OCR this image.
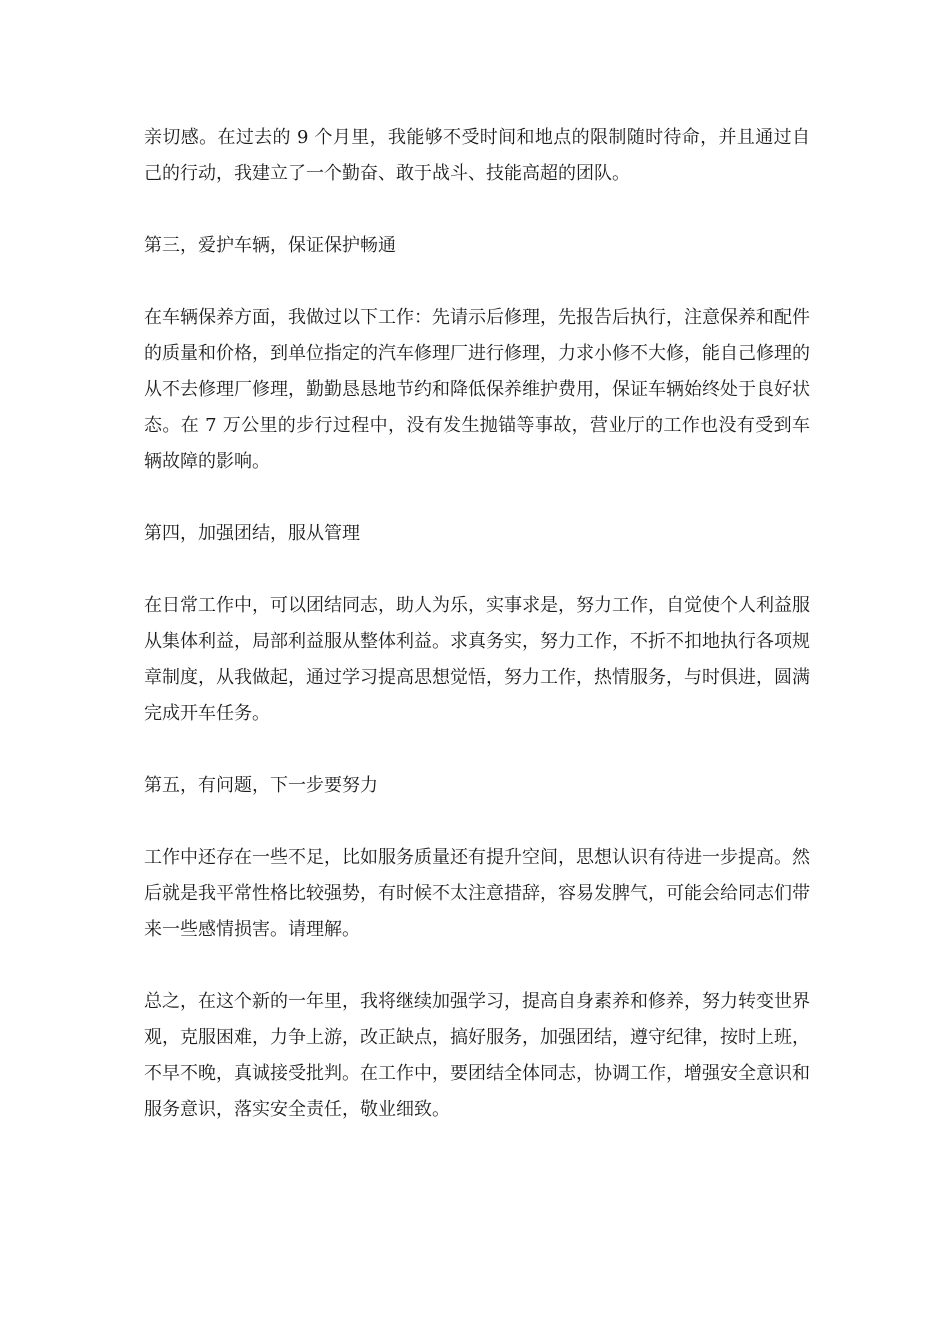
亲切感。在过去的 9 个月里，我能够不受时间和地点的限制随时待命，并且通过自己的行动，我建立了一个勤奋、敢于战斗、技能高超的团队。

第三，爱护车辆，保证保护畅通

在车辆保养方面，我做过以下工作：先请示后修理，先报告后执行，注意保养和配件的质量和价格，到单位指定的汽车修理厂进行修理，力求小修不大修，能自己修理的从不去修理厂修理，勤勤恳恳地节约和降低保养维护费用，保证车辆始终处于良好状态。在 7 万公里的步行过程中，没有发生抛锚等事故，营业厅的工作也没有受到车辆故障的影响。

第四，加强团结，服从管理

在日常工作中，可以团结同志，助人为乐，实事求是，努力工作，自觉使个人利益服从集体利益，局部利益服从整体利益。求真务实，努力工作，不折不扣地执行各项规章制度，从我做起，通过学习提高思想觉悟，努力工作，热情服务，与时俱进，圆满完成开车任务。

第五，有问题，下一步要努力

工作中还存在一些不足，比如服务质量还有提升空间，思想认识有待进一步提高。然后就是我平常性格比较强势，有时候不太注意措辞，容易发脾气，可能会给同志们带来一些感情损害。请理解。

总之，在这个新的一年里，我将继续加强学习，提高自身素养和修养，努力转变世界观，克服困难，力争上游，改正缺点，搞好服务，加强团结，遵守纪律，按时上班，不早不晚，真诚接受批判。在工作中，要团结全体同志，协调工作，增强安全意识和服务意识，落实安全责任，敬业细致。
